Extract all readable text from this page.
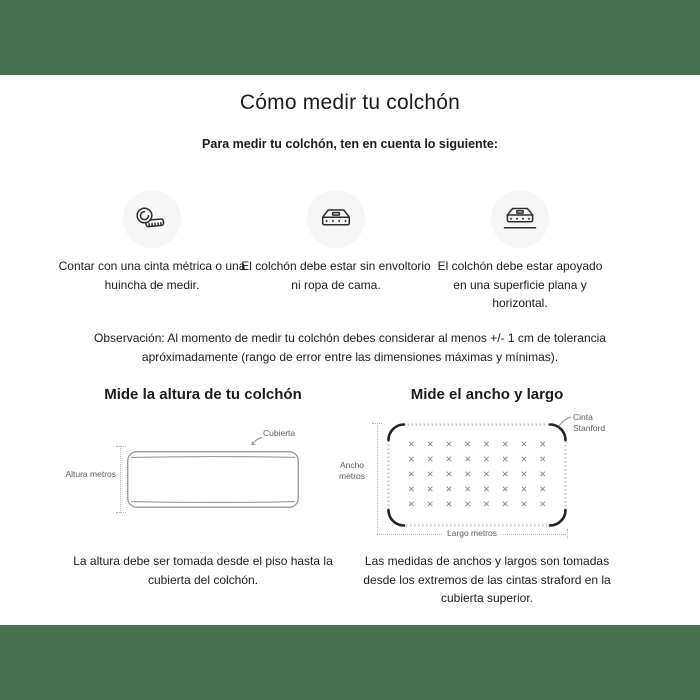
Cómo medir tu colchón

Para medir tu colchón, ten en cuenta lo siguiente:

Contar con una cinta métrica o una huincha de medir.

El colchón debe estar sin envoltorio ni ropa de cama.

El colchón debe estar apoyado en una superficie plana y horizontal.

Observación: Al momento de medir tu colchón debes considerar al menos +/- 1 cm de tolerancia apróximadamente (rango de error entre las dimensiones máximas y mínimas).

Mide la altura de tu colchón	Mide el ancho y largo
Altura metros
Cubierta
✕	✕	✕	✕	✕	✕	✕	✕
✕	✕	✕	✕	✕	✕	✕	✕
✕	✕	✕	✕	✕	✕	✕	✕
✕	✕	✕	✕	✕	✕	✕	✕
✕	✕	✕	✕	✕	✕	✕	✕
Cinta Stanford
Ancho metros
Largo metros

La altura debe ser tomada desde el piso hasta la cubierta del colchón.

Las medidas de anchos y largos son tomadas desde los extremos de las cintas straford en la cubierta superior.
